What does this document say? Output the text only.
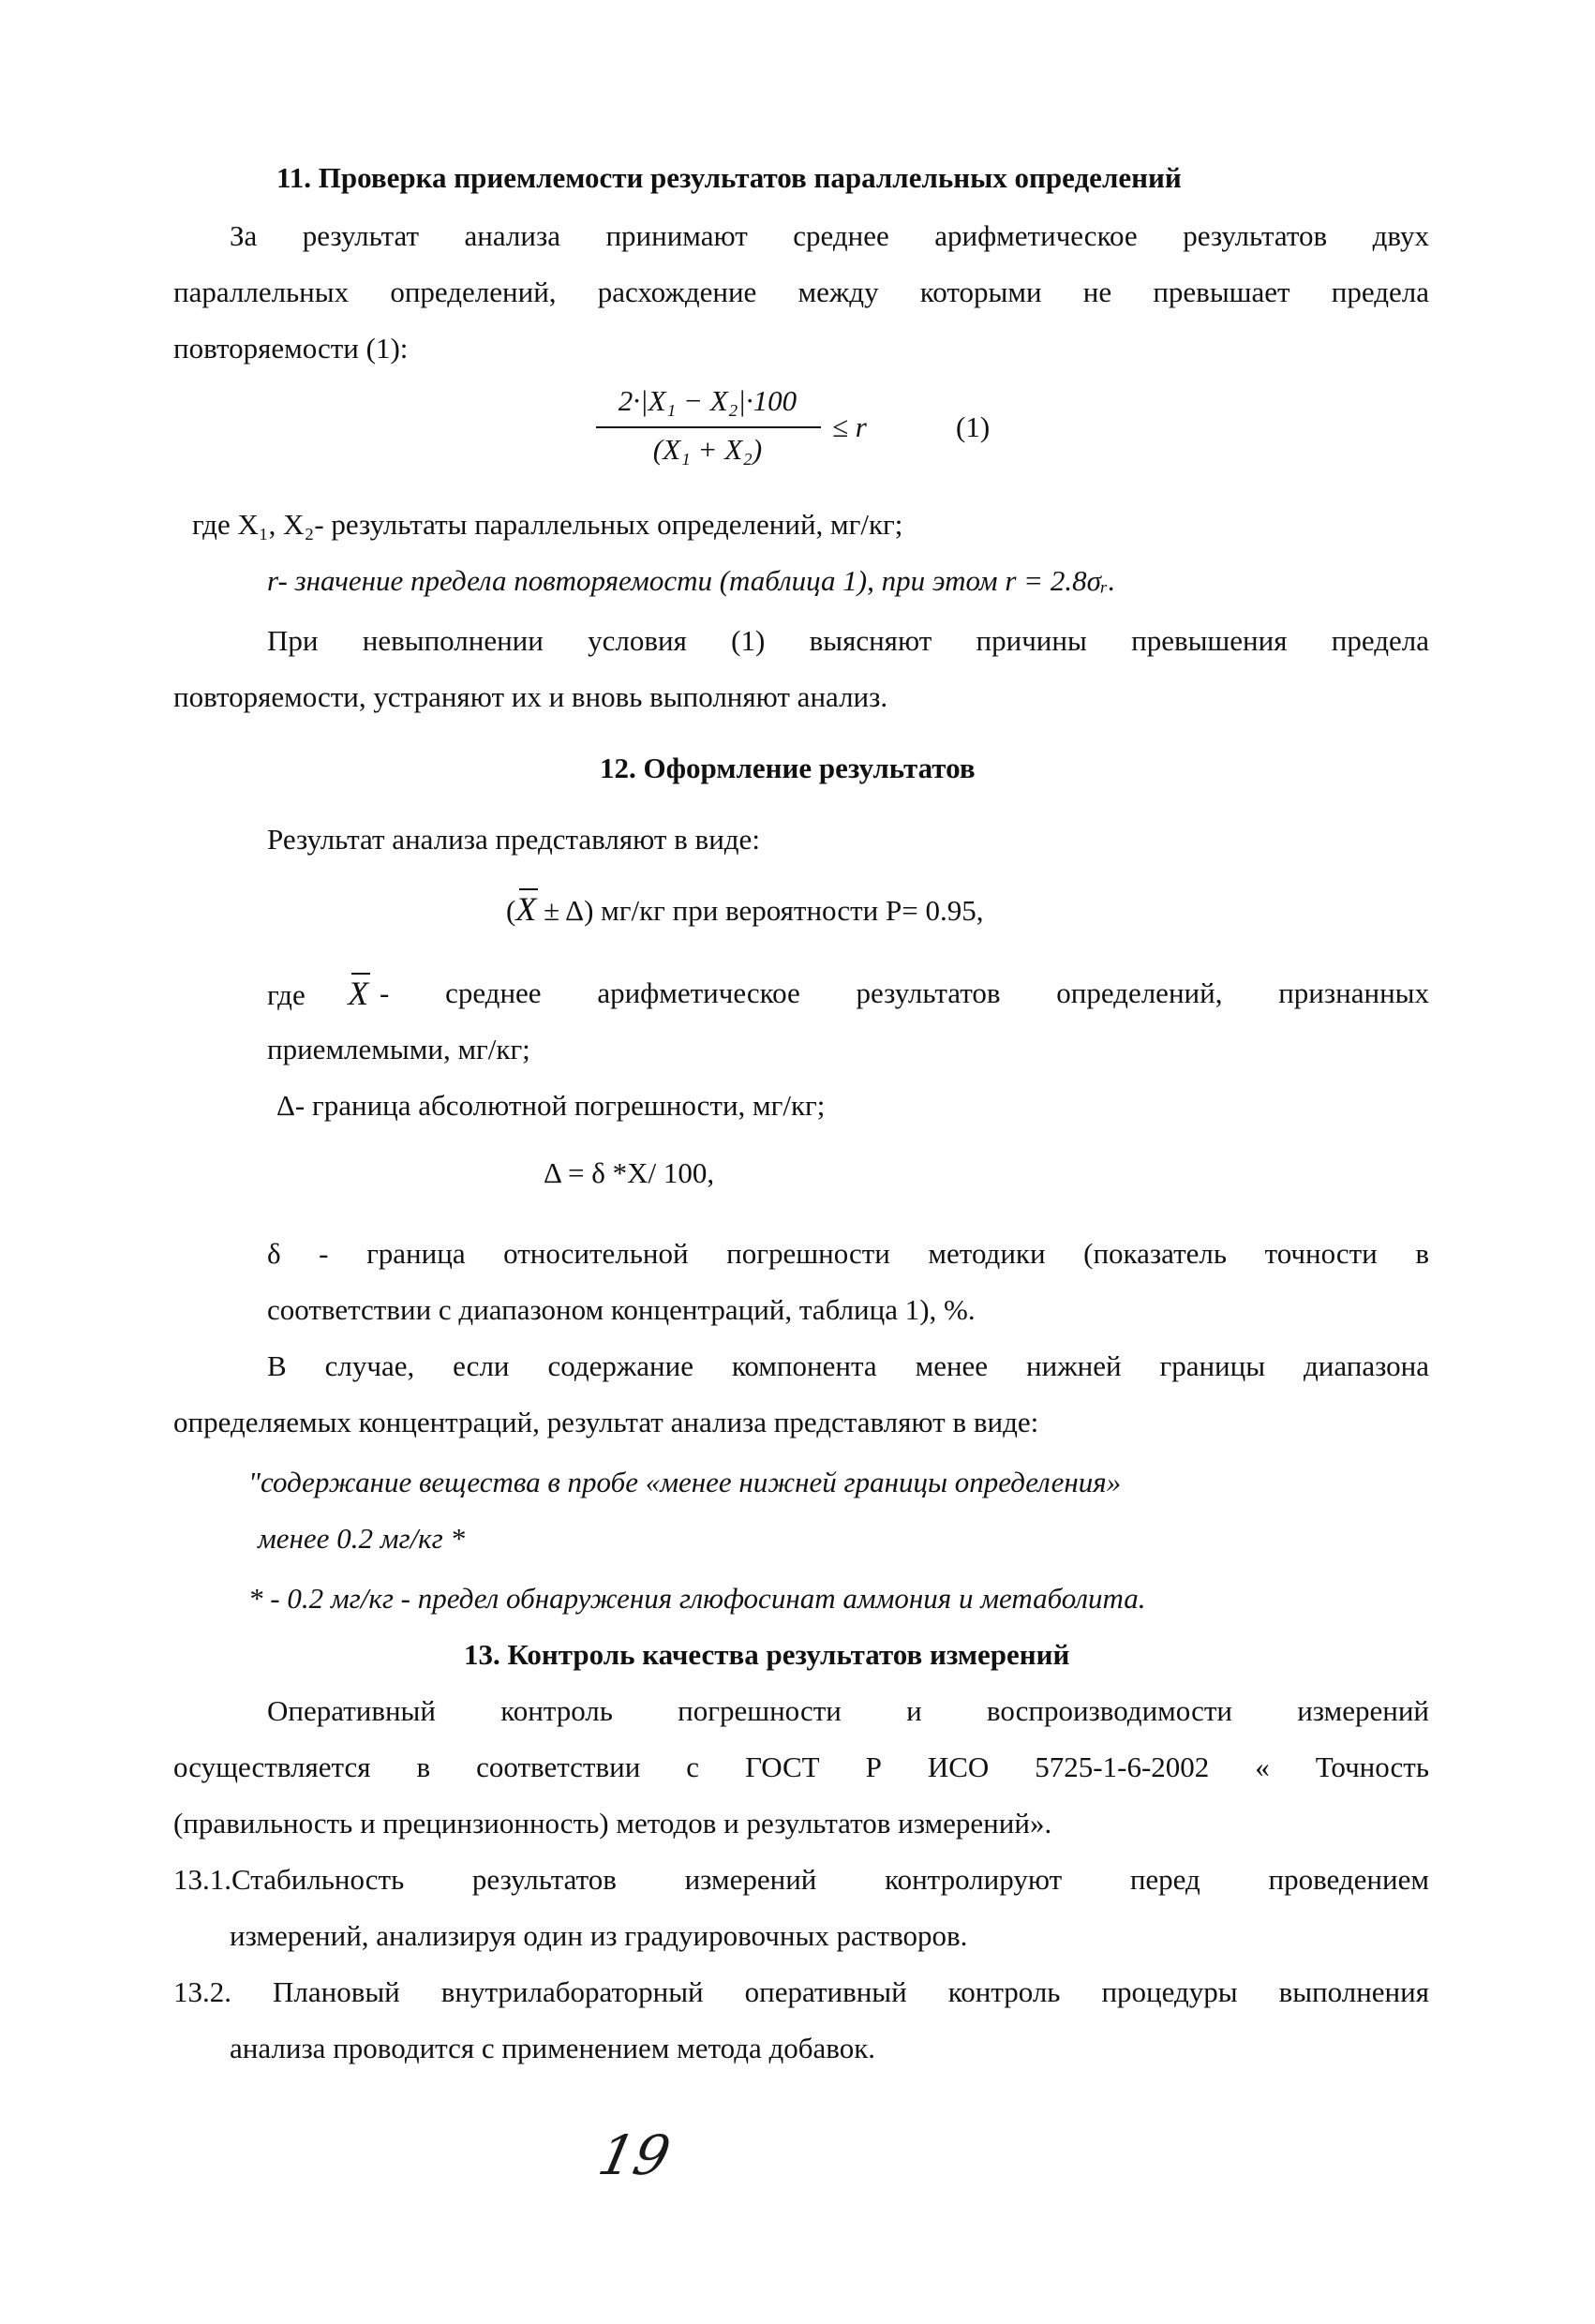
11. Проверка приемлемости результатов параллельных определений
За результат анализа принимают среднее арифметическое результатов двух
параллельных определений, расхождение между которыми не превышает предела
повторяемости (1):
2·|X₁ − X₂|·100
(X₁ + X₂)
≤ r	(1)
где X₁, X₂- результаты параллельных определений, мг/кг;
r- значение предела повторяемости (таблица 1), при этом r = 2.8σᵣ.
При невыполнении условия (1) выясняют причины превышения предела
повторяемости, устраняют их и вновь выполняют анализ.
12. Оформление результатов
Результат анализа представляют в виде:
(X ± Δ) мг/кг при вероятности Р= 0.95,
где X - среднее арифметическое результатов определений, признанных
приемлемыми, мг/кг;
Δ- граница абсолютной погрешности, мг/кг;
Δ = δ *Х/ 100,
δ - граница относительной погрешности методики (показатель точности в
соответствии с диапазоном концентраций, таблица 1), %.
В случае, если содержание компонента менее нижней границы диапазона
определяемых концентраций, результат анализа представляют в виде:
"содержание вещества в пробе «менее нижней границы определения»
менее 0.2 мг/кг *
* - 0.2 мг/кг - предел обнаружения глюфосинат аммония и метаболита.
13. Контроль качества результатов измерений
Оперативный контроль погрешности и воспроизводимости измерений
осуществляется в соответствии с ГОСТ Р ИСО 5725-1-6-2002 « Точность
(правильность и прецинзионность) методов и результатов измерений».
13.1.Стабильность результатов измерений контролируют перед проведением
измерений, анализируя один из градуировочных растворов.
13.2. Плановый внутрилабораторный оперативный контроль процедуры выполнения
анализа проводится с применением метода добавок.
19
